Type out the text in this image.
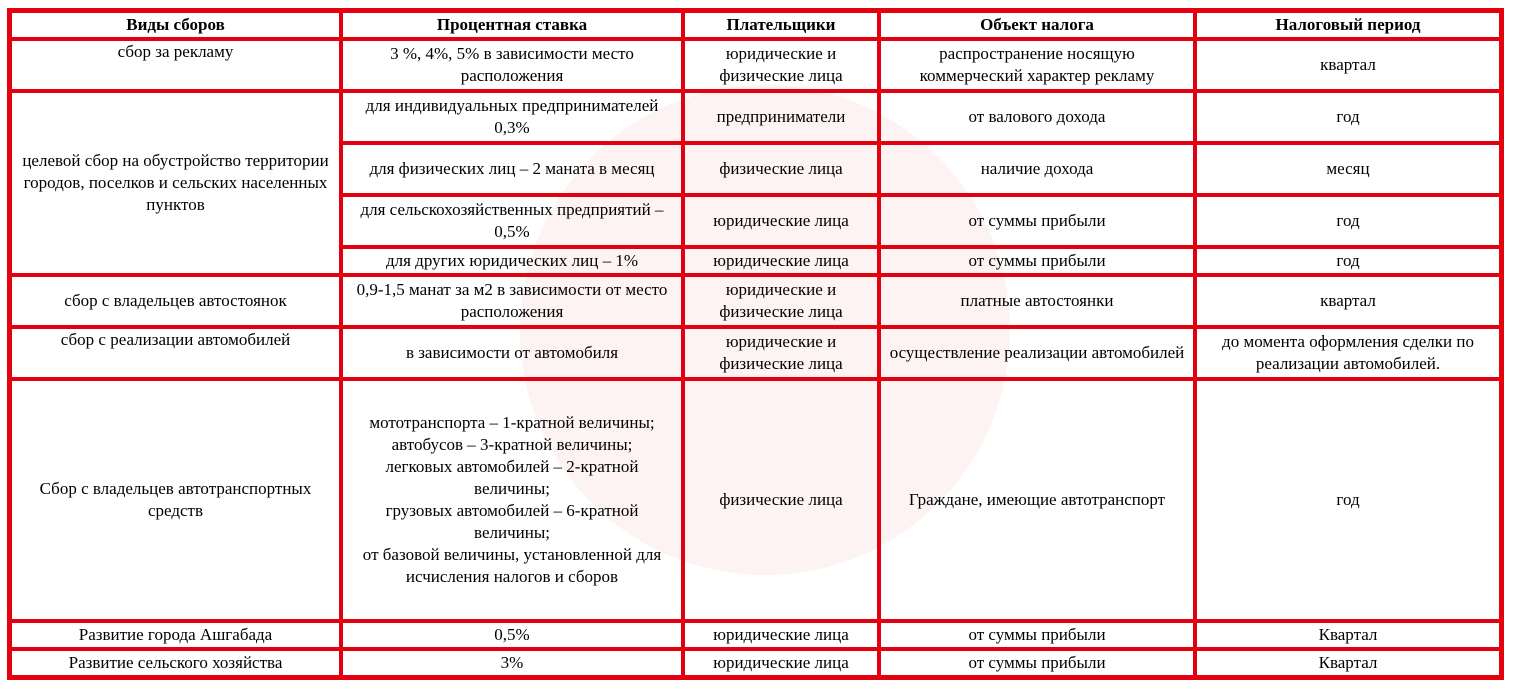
Виды сборов	Процентная ставка	Плательщики	Объект налога	Налоговый период
сбор за рекламу	3 %, 4%, 5% в зависимости место расположения	юридические и физические лица	распространение носящую коммерческий характер рекламу	квартал
целевой сбор на обустройство территории городов, поселков и сельских населенных пунктов	для индивидуальных предпринимателей 0,3%	предприниматели	от валового дохода	год
	для физических лиц – 2 маната в месяц	физические лица	наличие дохода	месяц
	для сельскохозяйственных предприятий – 0,5%	юридические лица	от суммы прибыли	год
	для других юридических лиц – 1%	юридические лица	от суммы прибыли	год
сбор с владельцев автостоянок	0,9-1,5 манат за м2 в зависимости от место расположения	юридические и физические лица	платные автостоянки	квартал
сбор с реализации автомобилей	в зависимости от автомобиля	юридические и физические лица	осуществление реализации автомобилей	до момента оформления сделки по реализации автомобилей.
Сбор с владельцев автотранспортных средств	мототранспорта – 1-кратной величины;
автобусов – 3-кратной величины;
легковых автомобилей – 2-кратной величины;
грузовых автомобилей – 6-кратной величины;
от базовой величины, установленной для исчисления налогов и сборов	физические лица	Граждане, имеющие автотранспорт	год
Развитие города Ашгабада	0,5%	юридические лица	от суммы прибыли	Квартал
Развитие сельского хозяйства	3%	юридические лица	от суммы прибыли	Квартал
